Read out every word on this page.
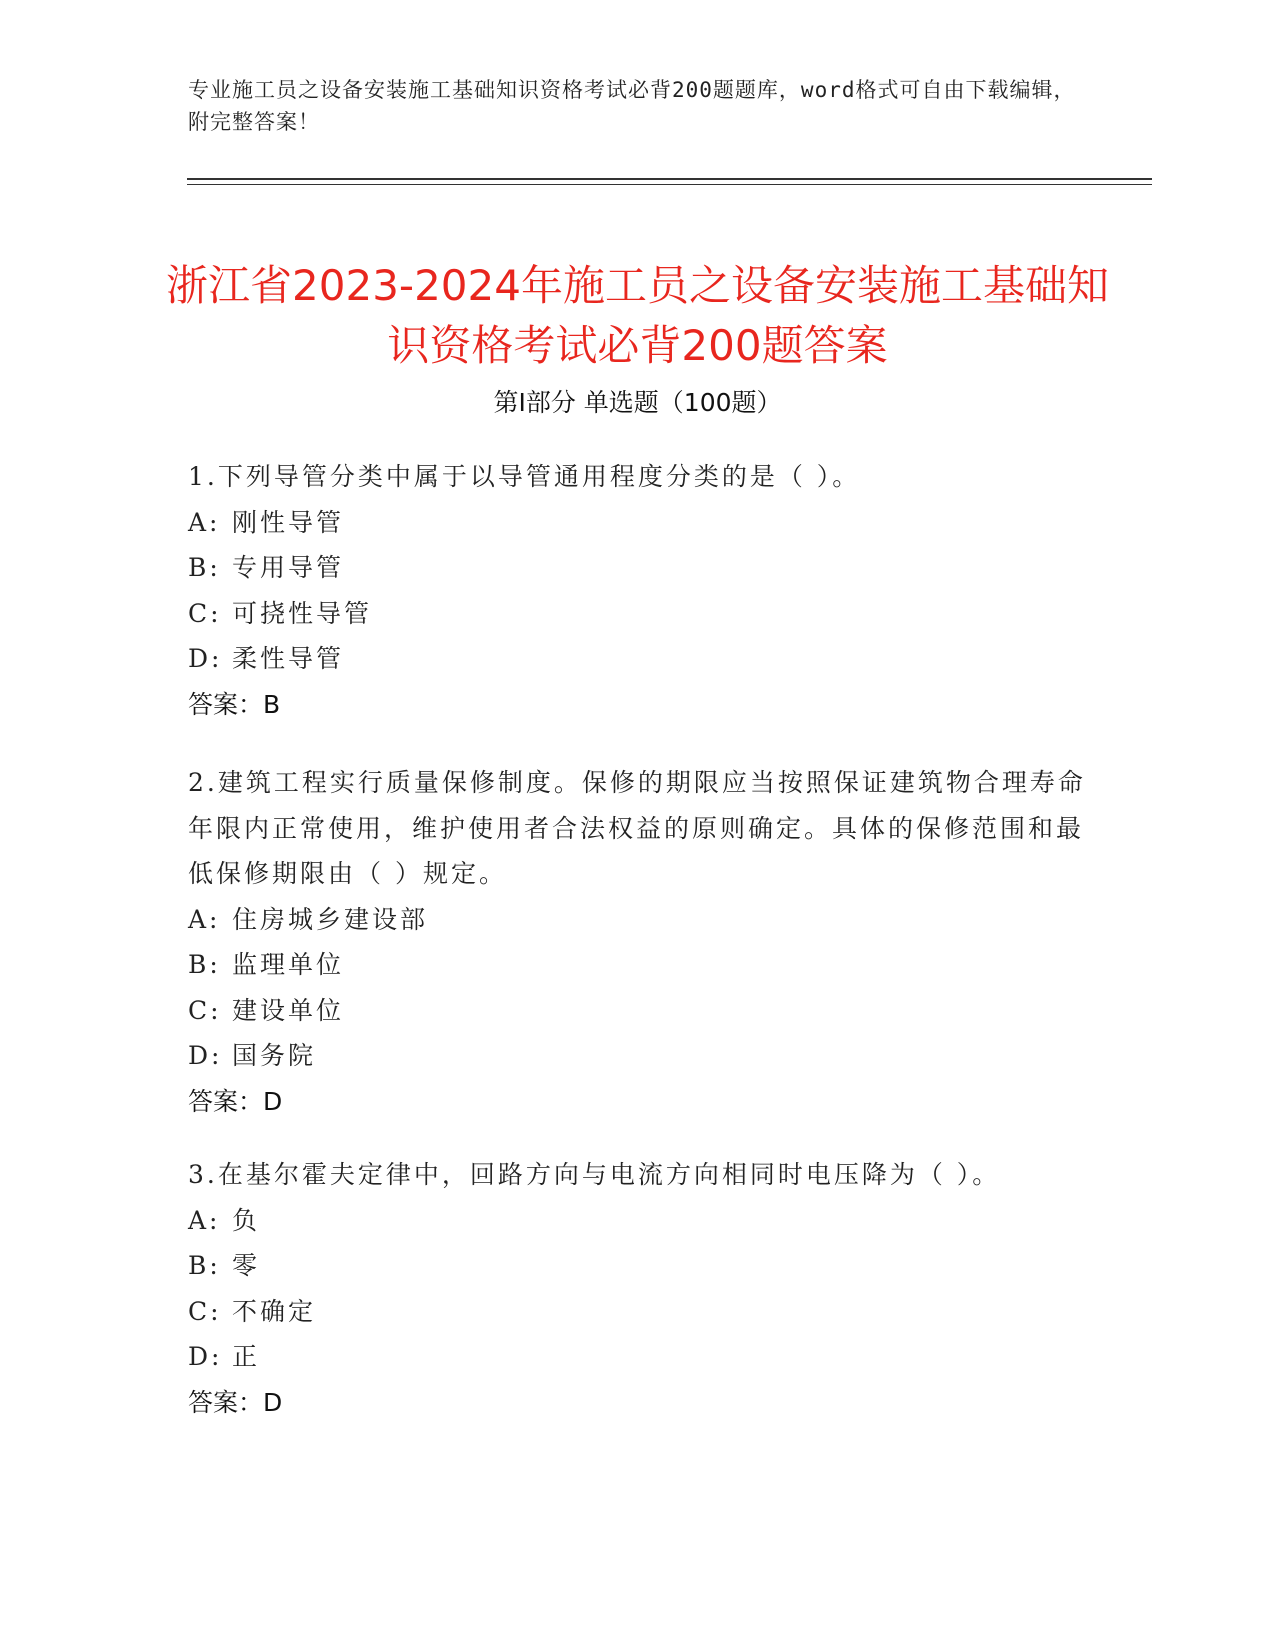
专业施工员之设备安装施工基础知识资格考试必背200题题库，word格式可自由下载编辑，附完整答案！
浙江省2023-2024年施工员之设备安装施工基础知识资格考试必背200题答案
第I部分 单选题（100题）

1.下列导管分类中属于以导管通用程度分类的是（ ）。

A: 刚性导管
B: 专用导管
C: 可挠性导管
D: 柔性导管

答案：B

2.建筑工程实行质量保修制度。保修的期限应当按照保证建筑物合理寿命年限内正常使用，维护使用者合法权益的原则确定。具体的保修范围和最低保修期限由（ ）规定。

A: 住房城乡建设部
B: 监理单位
C: 建设单位
D: 国务院

答案：D

3.在基尔霍夫定律中，回路方向与电流方向相同时电压降为（ ）。

A: 负
B: 零
C: 不确定
D: 正

答案：D
